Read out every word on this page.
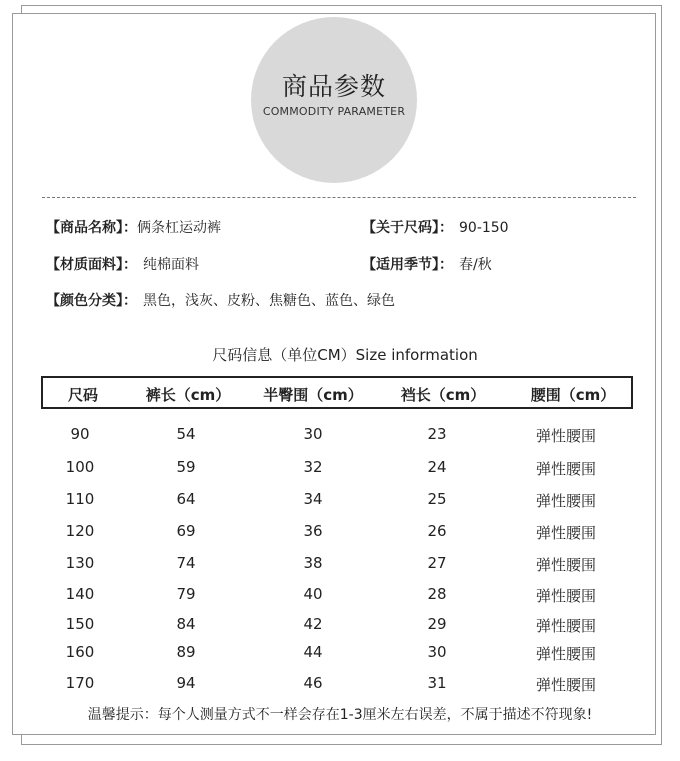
商品参数
COMMODITY PARAMETER
【商品名称】：俩条杠运动裤	【关于尺码】： 90-150
【材质面料】： 纯棉面料	【适用季节】： 春/秋
【颜色分类】： 黑色，浅灰、皮粉、焦糖色、蓝色、绿色
尺码信息（单位CM）Size information
尺码	裤长（cm）	半臀围（cm）	裆长（cm）	腰围（cm）
90	54	30	23	弹性腰围
100	59	32	24	弹性腰围
110	64	34	25	弹性腰围
120	69	36	26	弹性腰围
130	74	38	27	弹性腰围
140	79	40	28	弹性腰围
150	84	42	29	弹性腰围
160	89	44	30	弹性腰围
170	94	46	31	弹性腰围
温馨提示：每个人测量方式不一样会存在1-3厘米左右误差，不属于描述不符现象!
